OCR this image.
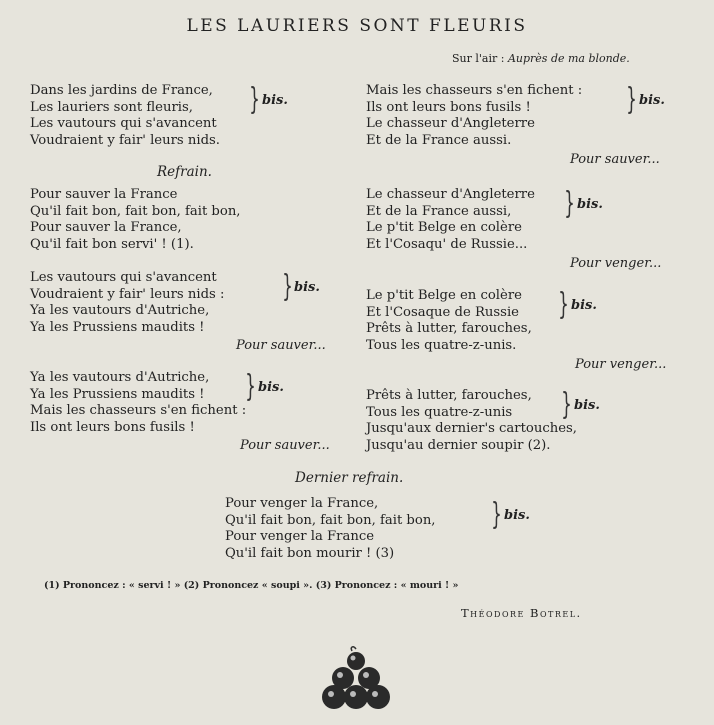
LES LAURIERS SONT FLEURIS
Sur l'air : Auprès de ma blonde.
Dans les jardins de France,
Les lauriers sont fleuris,
Les vautours qui s'avancent
Voudraient y fair' leurs nids.
} bis.
Refrain.
Pour sauver la France
Qu'il fait bon, fait bon, fait bon,
Pour sauver la France,
Qu'il fait bon servi' ! (1).
Les vautours qui s'avancent
Voudraient y fair' leurs nids :
Ya les vautours d'Autriche,
Ya les Prussiens maudits !
} bis.
Pour sauver...
Ya les vautours d'Autriche,
Ya les Prussiens maudits !
Mais les chasseurs s'en fichent :
Ils ont leurs bons fusils !
} bis.
Pour sauver...
Mais les chasseurs s'en fichent :
Ils ont leurs bons fusils !
Le chasseur d'Angleterre
Et de la France aussi.
} bis.
Pour sauver...
Le chasseur d'Angleterre
Et de la France aussi,
Le p'tit Belge en colère
Et l'Cosaqu' de Russie...
} bis.
Pour venger...
Le p'tit Belge en colère
Et l'Cosaque de Russie
Prêts à lutter, farouches,
Tous les quatre-z-unis.
} bis.
Pour venger...
Prêts à lutter, farouches,
Tous les quatre-z-unis
Jusqu'aux dernier's cartouches,
Jusqu'au dernier soupir (2).
} bis.
Dernier refrain.
Pour venger la France,
Qu'il fait bon, fait bon, fait bon,
Pour venger la France
Qu'il fait bon mourir ! (3)
} bis.
(1) Prononcez : « servi ! » (2) Prononcez « soupi ». (3) Prononcez : « mouri ! »
Théodore Botrel.
